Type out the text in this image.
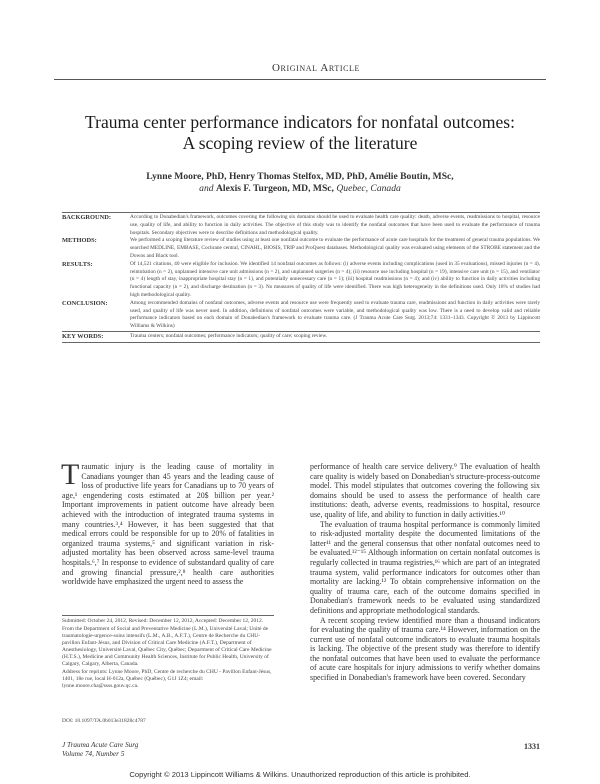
Original Article
Trauma center performance indicators for nonfatal outcomes:
A scoping review of the literature
Lynne Moore, PhD, Henry Thomas Stelfox, MD, PhD, Amélie Boutin, MSc,
and Alexis F. Turgeon, MD, MSc, Quebec, Canada
BACKGROUND:	According to Donabedian's framework, outcomes covering the following six domains should be used to evaluate health care quality: death, adverse events, readmissions to hospital, resource use, quality of life, and ability to function in daily activities. The objective of this study was to identify the nonfatal outcomes that have been used to evaluate the performance of trauma hospitals. Secondary objectives were to describe definitions and methodological quality.
METHODS:	We performed a scoping literature review of studies using at least one nonfatal outcome to evaluate the performance of acute care hospitals for the treatment of general trauma populations. We searched MEDLINE, EMBASE, Cochrane central, CINAHL, BIOSIS, TRIP and ProQuest databases. Methodological quality was evaluated using elements of the STROBE statement and the Downs and Black tool.
RESULTS:	Of 14,521 citations, 40 were eligible for inclusion. We identified 14 nonfatal outcomes as follows: (i) adverse events including complications (used in 35 evaluations), missed injuries (n = 4), reintubation (n = 2), unplanned intensive care unit admissions (n = 2), and unplanned surgeries (n = 4); (ii) resource use including hospital (n = 19), intensive care unit (n = 15), and ventilator (n = 4) length of stay, inappropriate hospital stay (n = 1), and potentially unnecessary care (n = 1); (iii) hospital readmissions (n = 4); and (iv) ability to function in daily activities including functional capacity (n = 2), and discharge destination (n = 3). No measures of quality of life were identified. There was high heterogeneity in the definitions used. Only 18% of studies had high methodological quality.
CONCLUSION:	Among recommended domains of nonfatal outcomes, adverse events and resource use were frequently used to evaluate trauma care, readmissions and function in daily activities were rarely used, and quality of life was never used. In addition, definitions of nonfatal outcomes were variable, and methodological quality was low. There is a need to develop valid and reliable performance indicators based on each domain of Donabedian's framework to evaluate trauma care. (J Trauma Acute Care Surg. 2013;74: 1331–1343. Copyright © 2013 by Lippincott Williams & Wilkins)
KEY WORDS:	Trauma centers; nonfatal outcomes; performance indicators; quality of care; scoping review.

Traumatic injury is the leading cause of mortality in Canadians younger than 45 years and the leading cause of loss of productive life years for Canadians up to 70 years of age,¹ engendering costs estimated at 20$ billion per year.² Important improvements in patient outcome have already been achieved with the introduction of integrated trauma systems in many countries.³,⁴ However, it has been suggested that that medical errors could be responsible for up to 20% of fatalities in organized trauma systems,⁵ and significant variation in risk-adjusted mortality has been observed across same-level trauma hospitals.⁶,⁷ In response to evidence of substandard quality of care and growing financial pressure,²,⁸ health care authorities worldwide have emphasized the urgent need to assess the

performance of health care service delivery.⁹ The evaluation of health care quality is widely based on Donabedian's structure-process-outcome model. This model stipulates that outcomes covering the following six domains should be used to assess the performance of health care institutions: death, adverse events, readmissions to hospital, resource use, quality of life, and ability to function in daily activities.¹⁰

The evaluation of trauma hospital performance is commonly limited to risk-adjusted mortality despite the documented limitations of the latter¹¹ and the general consensus that other nonfatal outcomes need to be evaluated.¹²⁻¹⁵ Although information on certain nonfatal outcomes is regularly collected in trauma registries,¹⁶ which are part of an integrated trauma system, valid performance indicators for outcomes other than mortality are lacking.¹² To obtain comprehensive information on the quality of trauma care, each of the outcome domains specified in Donabedian's framework needs to be evaluated using standardized definitions and appropriate methodological standards.

A recent scoping review identified more than a thousand indicators for evaluating the quality of trauma care.¹⁴ However, information on the current use of nonfatal outcome indicators to evaluate trauma hospitals is lacking. The objective of the present study was therefore to identify the nonfatal outcomes that have been used to evaluate the performance of acute care hospitals for injury admissions to verify whether domains specified in Donabedian's framework have been covered. Secondary

Submitted: October 24, 2012, Revised: December 12, 2012, Accepted: December 12, 2012.

From the Department of Social and Preventative Medicine (L.M.), Université Laval; Unité de traumatologie-urgence-soins intensifs (L.M., A.B., A.F.T.), Centre de Recherche du CHU-pavillon Enfant-Jésus, and Division of Critical Care Medicine (A.F.T.), Department of Anesthesiology, Université Laval, Québec City, Québec; Department of Critical Care Medicine (H.T.S.), Medicine and Community Health Sciences, Institute for Public Health, University of Calgary, Calgary, Alberta, Canada.

Address for reprints: Lynne Moore, PhD, Centre de recherche du CHU - Pavillon Enfant-Jésus, 1401, 18e rue, local H-012a, Québec (Québec), G1J 1Z4; email: lynne.moore.cha@ssss.gouv.qc.ca.

DOI: 10.1097/TA.0b013e31828c4787
J Trauma Acute Care Surg
Volume 74, Number 5
1331
Copyright © 2013 Lippincott Williams & Wilkins. Unauthorized reproduction of this article is prohibited.
